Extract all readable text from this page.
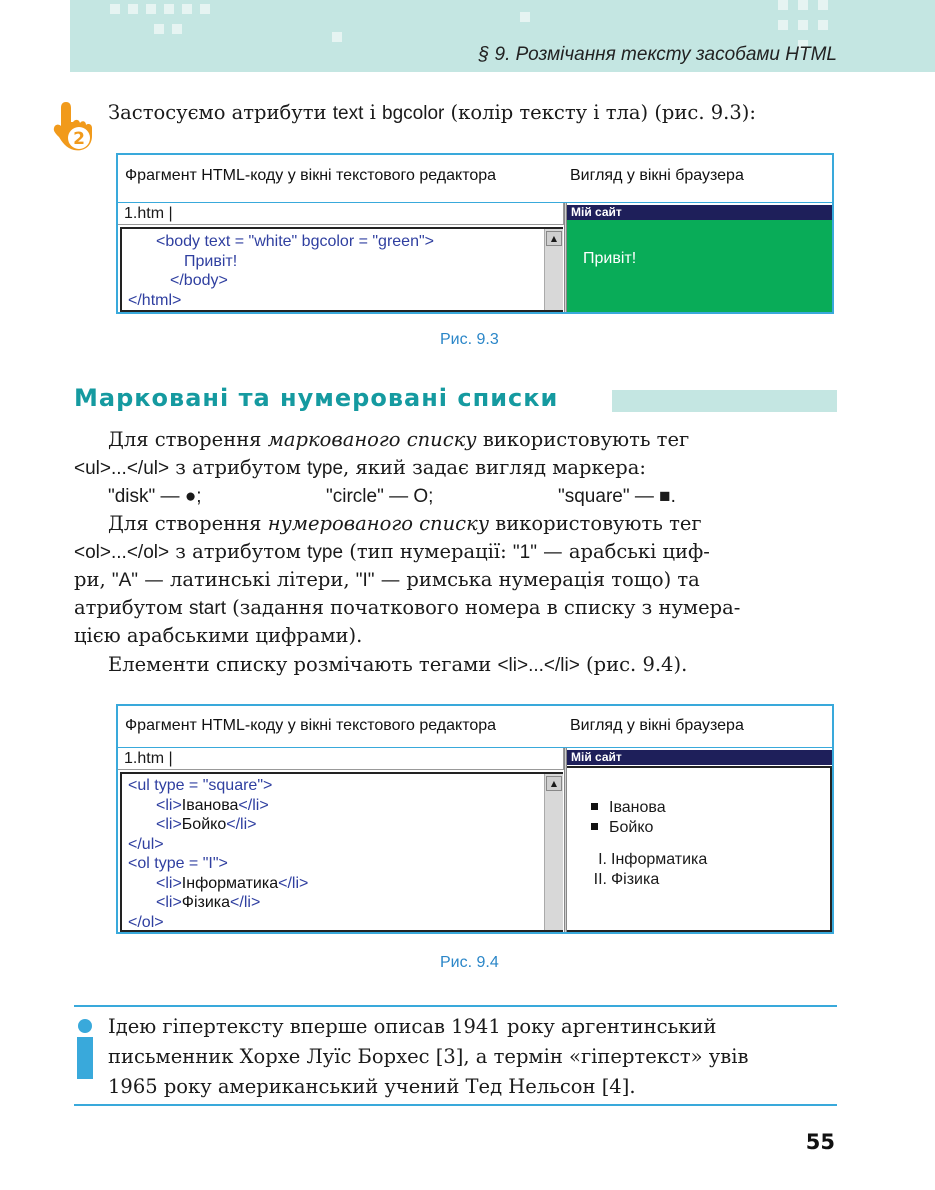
§ 9. Розмічання тексту засобами HTML
2
Застосуємо атрибути text і bgcolor (колір тексту і тла) (рис. 9.3):
Фрагмент HTML-коду у вікні текстового редактора	Вигляд у вікні браузера
1.htm |
<body text = "white" bgcolor = "green">
Привіт!
</body>
</html>
▲
Мій сайт
Привіт!
Рис. 9.3
Марковані та нумеровані списки
Для створення маркованого списку використовують тег
<ul>...</ul> з атрибутом type, який задає вигляд маркера:
"disk" — ●;	"circle" — O;	"square" — ■.
Для створення нумерованого списку використовують тег
<ol>...</ol> з атрибутом type (тип нумерації: "1" — арабські циф-
ри, "A" — латинські літери, "I" — римська нумерація тощо) та
атрибутом start (задання початкового номера в списку з нумера-
цією арабськими цифрами).
Елементи списку розмічають тегами <li>...</li> (рис. 9.4).
Фрагмент HTML-коду у вікні текстового редактора	Вигляд у вікні браузера
1.htm |
<ul type = "square">
<li>Іванова</li>
<li>Бойко</li>
</ul>
<ol type = "I">
<li>Інформатика</li>
<li>Фізика</li>
</ol>
▲
Мій сайт
Іванова
Бойко
I. Інформатика
II. Фізика
Рис. 9.4
Ідею гіпертексту вперше описав 1941 року аргентинський
письменник Хорхе Луїс Борхес [3], а термін «гіпертекст» увів
1965 року американський учений Тед Нельсон [4].
55
